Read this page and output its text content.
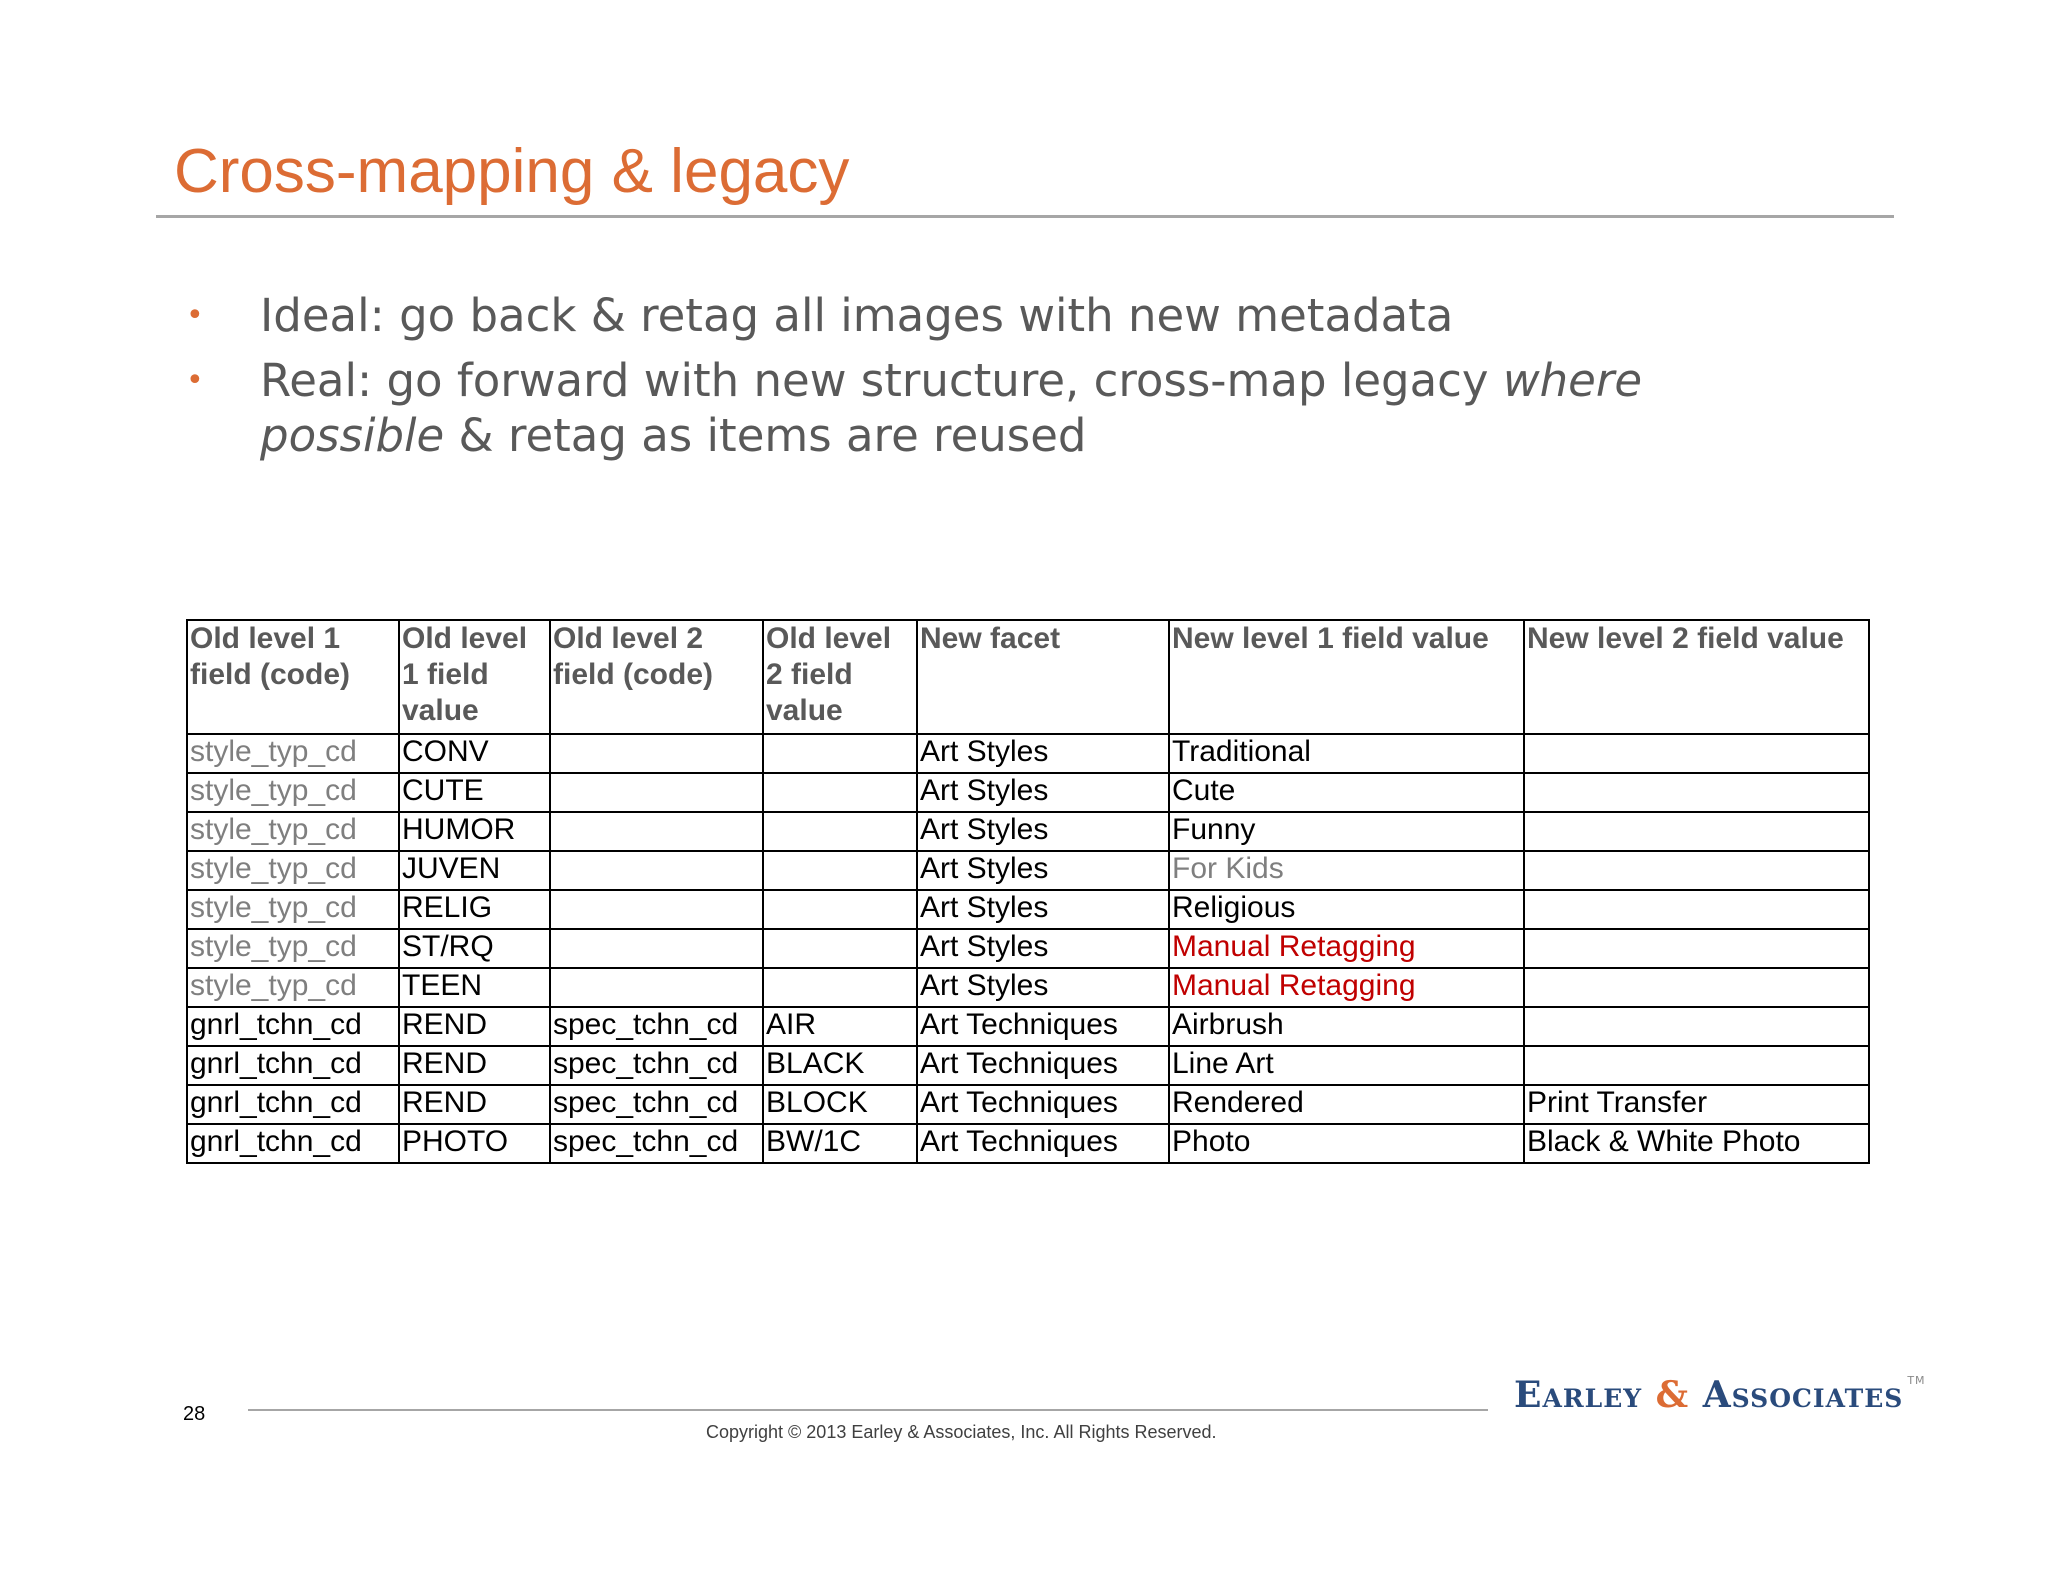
Cross-mapping & legacy
• Ideal: go back & retag all images with new metadata
• Real: go forward with new structure, cross-map legacy where possible & retag as items are reused
Old level 1 field (code)	Old level 1 field value	Old level 2 field (code)	Old level 2 field value	New facet	New level 1 field value	New level 2 field value
style_typ_cd	CONV			Art Styles	Traditional	
style_typ_cd	CUTE			Art Styles	Cute	
style_typ_cd	HUMOR			Art Styles	Funny	
style_typ_cd	JUVEN			Art Styles	For Kids	
style_typ_cd	RELIG			Art Styles	Religious	
style_typ_cd	ST/RQ			Art Styles	Manual Retagging	
style_typ_cd	TEEN			Art Styles	Manual Retagging	
gnrl_tchn_cd	REND	spec_tchn_cd	AIR	Art Techniques	Airbrush	
gnrl_tchn_cd	REND	spec_tchn_cd	BLACK	Art Techniques	Line Art	
gnrl_tchn_cd	REND	spec_tchn_cd	BLOCK	Art Techniques	Rendered	Print Transfer
gnrl_tchn_cd	PHOTO	spec_tchn_cd	BW/1C	Art Techniques	Photo	Black & White Photo
28
Copyright © 2013 Earley & Associates, Inc. All Rights Reserved.
Earley & Associates ™
